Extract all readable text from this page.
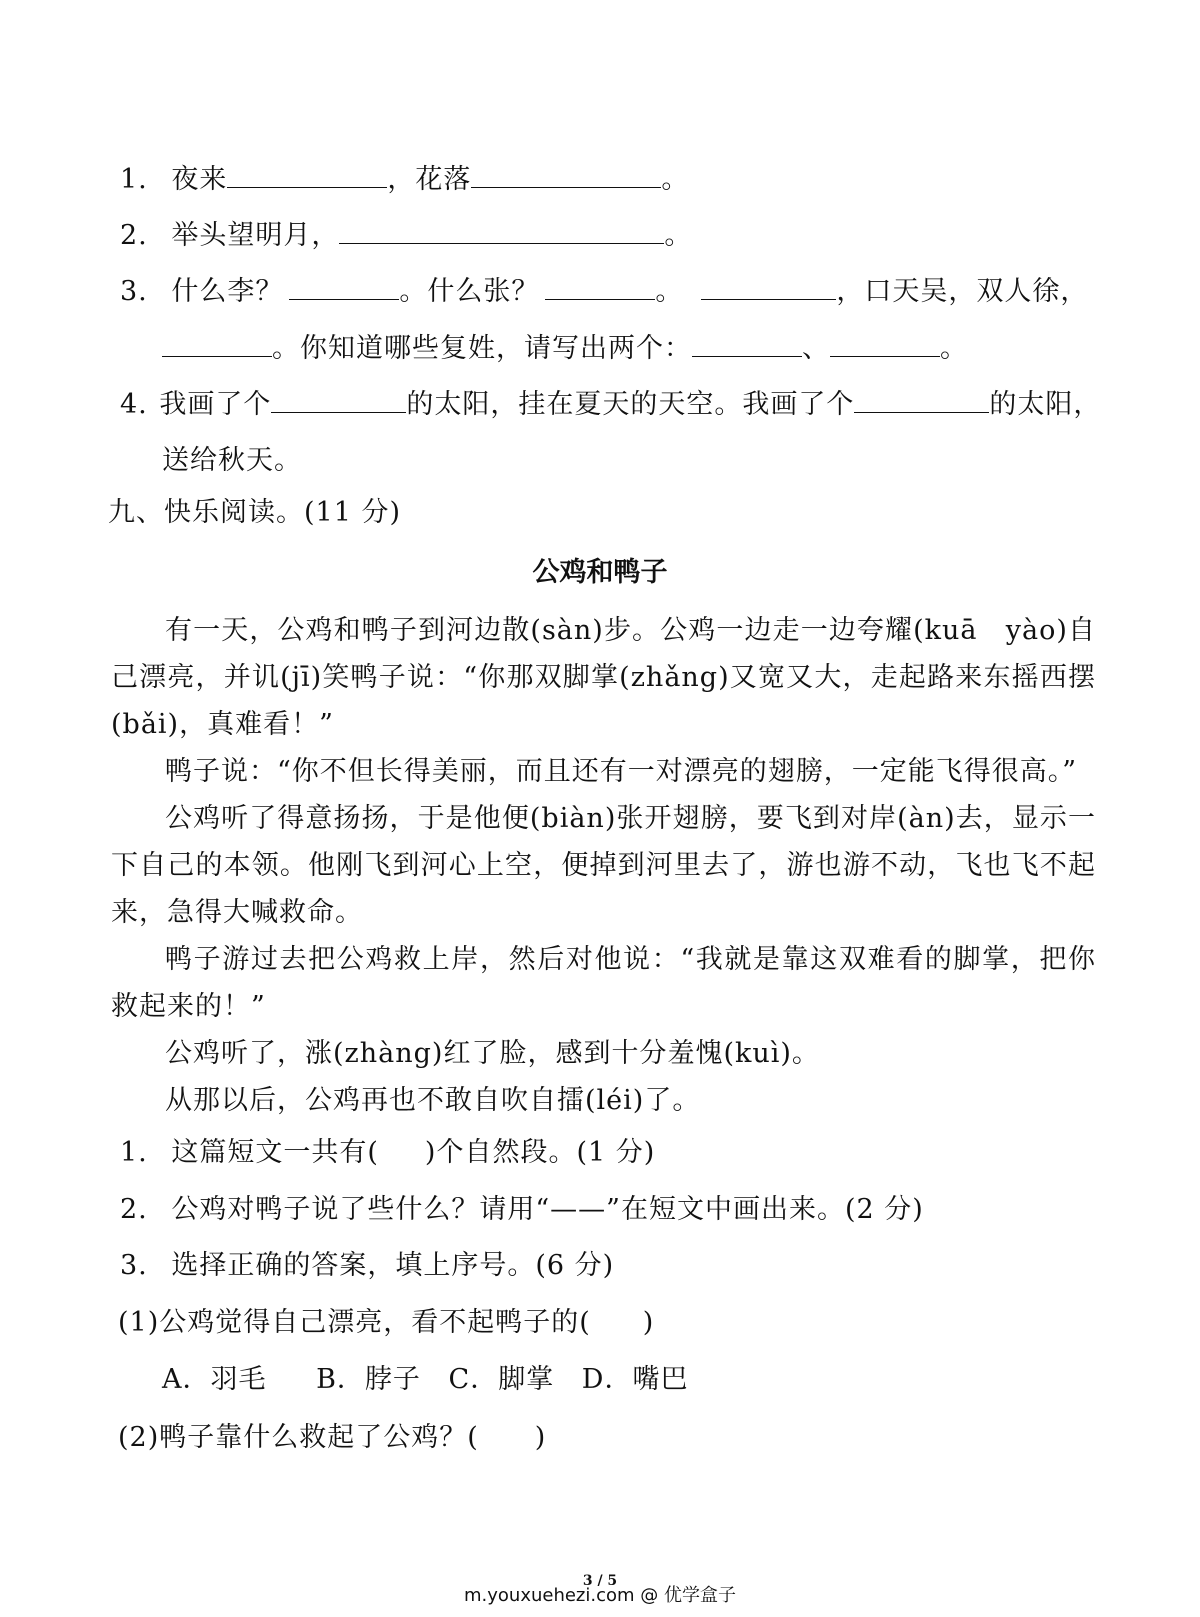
1. 夜来	，花落	。
2. 举头望明月，	。
3. 什么李？	。什么张？	。	，口天吴，双人徐，
。你知道哪些复姓，请写出两个：	、	。
4. 我画了个	的太阳，挂在夏天的天空。我画了个	的太阳，
送给秋天。
九、快乐阅读。(11 分)
公鸡和鸭子
有一天，公鸡和鸭子到河边散(sàn)步。公鸡一边走一边夸耀(kuā　yào)自己漂亮，并讥(jī)笑鸭子说：“你那双脚掌(zhǎng)又宽又大，走起路来东摇西摆(bǎi)，真难看！”
鸭子说：“你不但长得美丽，而且还有一对漂亮的翅膀，一定能飞得很高。”
公鸡听了得意扬扬，于是他便(biàn)张开翅膀，要飞到对岸(àn)去，显示一下自己的本领。他刚飞到河心上空，便掉到河里去了，游也游不动，飞也飞不起来，急得大喊救命。
鸭子游过去把公鸡救上岸，然后对他说：“我就是靠这双难看的脚掌，把你救起来的！”
公鸡听了，涨(zhàng)红了脸，感到十分羞愧(kuì)。
从那以后，公鸡再也不敢自吹自擂(léi)了。
1. 这篇短文一共有( )个自然段。(1 分)
2. 公鸡对鸭子说了些什么？请用“——”在短文中画出来。(2 分)
3. 选择正确的答案，填上序号。(6 分)
(1)公鸡觉得自己漂亮，看不起鸭子的( )
A．羽毛 B．脖子 C．脚掌 D．嘴巴
(2)鸭子靠什么救起了公鸡？( )
3 / 5
m.youxuehezi.com @ 优学盒子
